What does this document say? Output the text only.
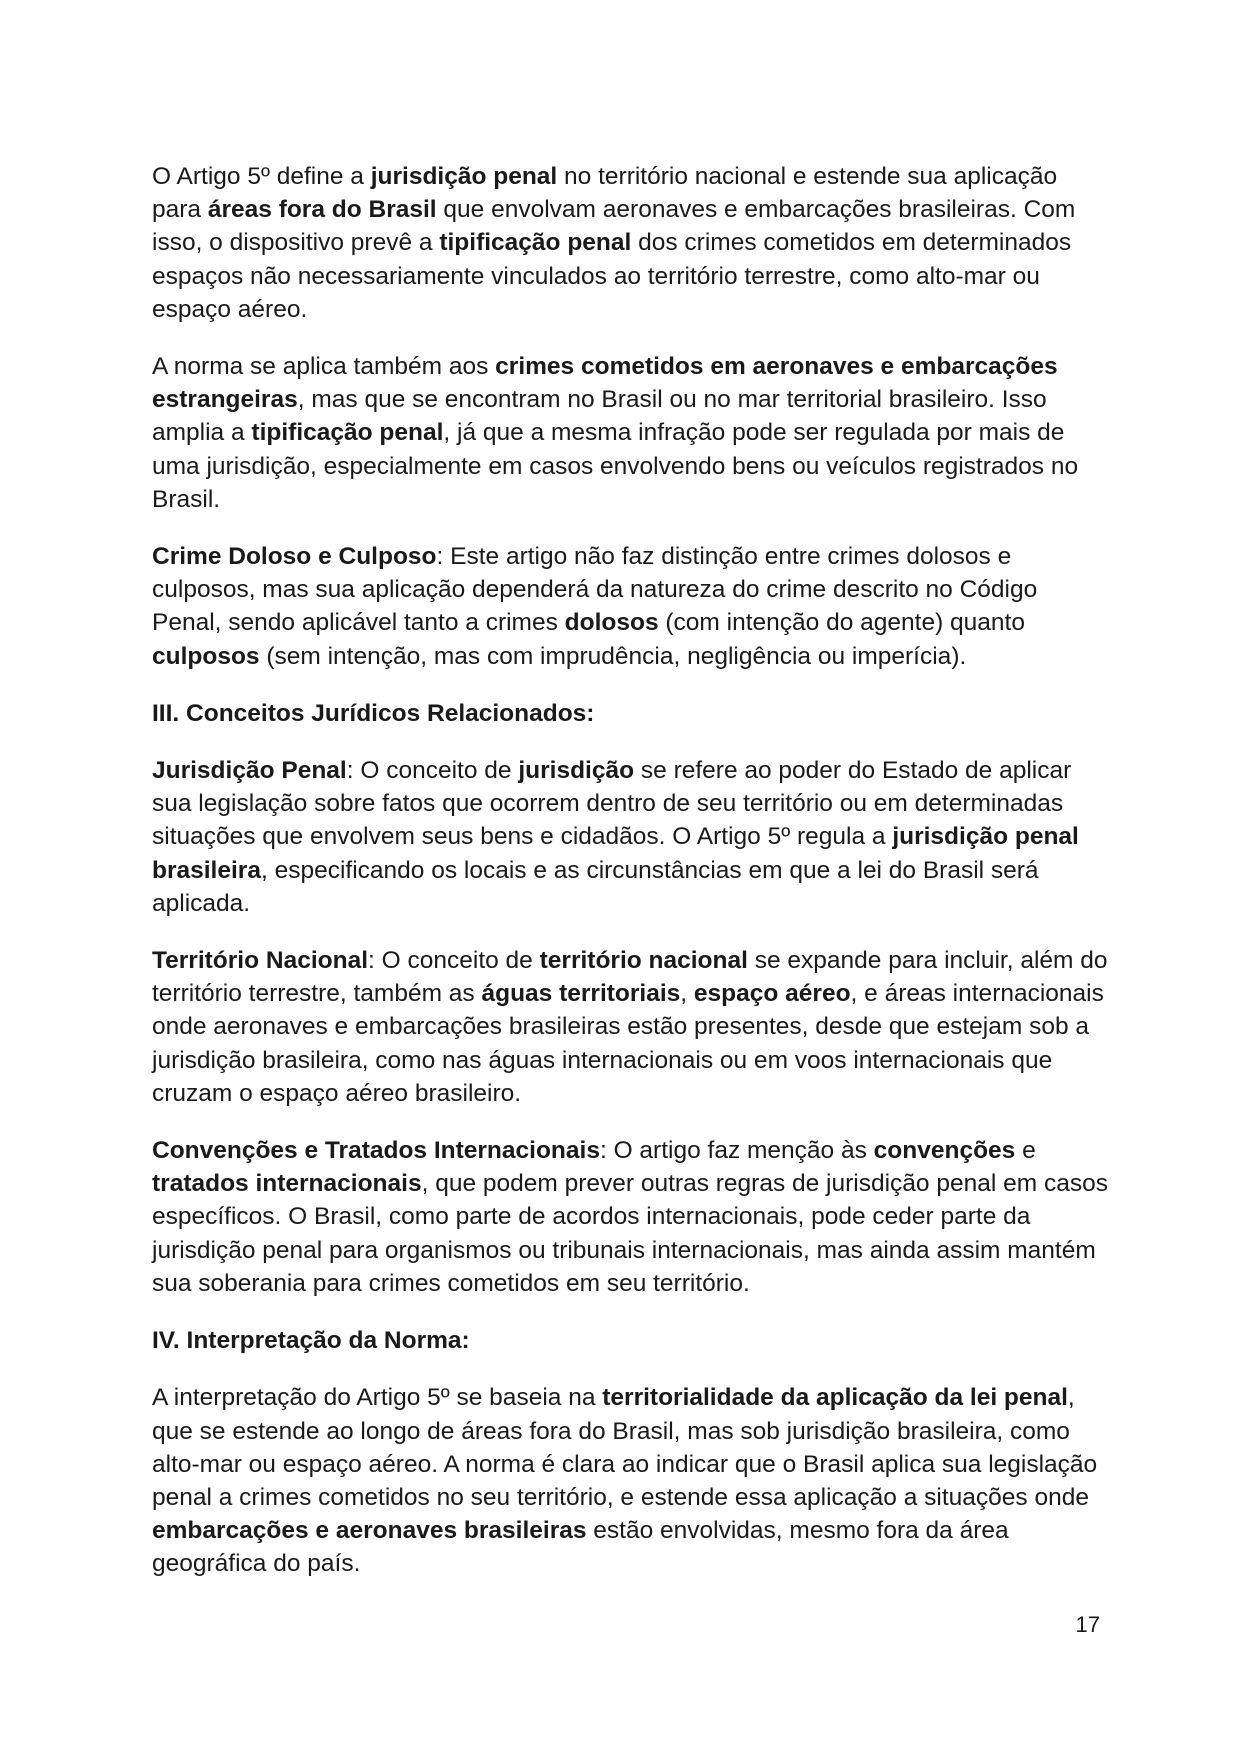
O Artigo 5º define a jurisdição penal no território nacional e estende sua aplicação para áreas fora do Brasil que envolvam aeronaves e embarcações brasileiras. Com isso, o dispositivo prevê a tipificação penal dos crimes cometidos em determinados espaços não necessariamente vinculados ao território terrestre, como alto-mar ou espaço aéreo.

A norma se aplica também aos crimes cometidos em aeronaves e embarcações estrangeiras, mas que se encontram no Brasil ou no mar territorial brasileiro. Isso amplia a tipificação penal, já que a mesma infração pode ser regulada por mais de uma jurisdição, especialmente em casos envolvendo bens ou veículos registrados no Brasil.

Crime Doloso e Culposo: Este artigo não faz distinção entre crimes dolosos e culposos, mas sua aplicação dependerá da natureza do crime descrito no Código Penal, sendo aplicável tanto a crimes dolosos (com intenção do agente) quanto culposos (sem intenção, mas com imprudência, negligência ou imperícia).

III. Conceitos Jurídicos Relacionados:

Jurisdição Penal: O conceito de jurisdição se refere ao poder do Estado de aplicar sua legislação sobre fatos que ocorrem dentro de seu território ou em determinadas situações que envolvem seus bens e cidadãos. O Artigo 5º regula a jurisdição penal brasileira, especificando os locais e as circunstâncias em que a lei do Brasil será aplicada.

Território Nacional: O conceito de território nacional se expande para incluir, além do território terrestre, também as águas territoriais, espaço aéreo, e áreas internacionais onde aeronaves e embarcações brasileiras estão presentes, desde que estejam sob a jurisdição brasileira, como nas águas internacionais ou em voos internacionais que cruzam o espaço aéreo brasileiro.

Convenções e Tratados Internacionais: O artigo faz menção às convenções e tratados internacionais, que podem prever outras regras de jurisdição penal em casos específicos. O Brasil, como parte de acordos internacionais, pode ceder parte da jurisdição penal para organismos ou tribunais internacionais, mas ainda assim mantém sua soberania para crimes cometidos em seu território.

IV. Interpretação da Norma:

A interpretação do Artigo 5º se baseia na territorialidade da aplicação da lei penal, que se estende ao longo de áreas fora do Brasil, mas sob jurisdição brasileira, como alto-mar ou espaço aéreo. A norma é clara ao indicar que o Brasil aplica sua legislação penal a crimes cometidos no seu território, e estende essa aplicação a situações onde embarcações e aeronaves brasileiras estão envolvidas, mesmo fora da área geográfica do país.

17
